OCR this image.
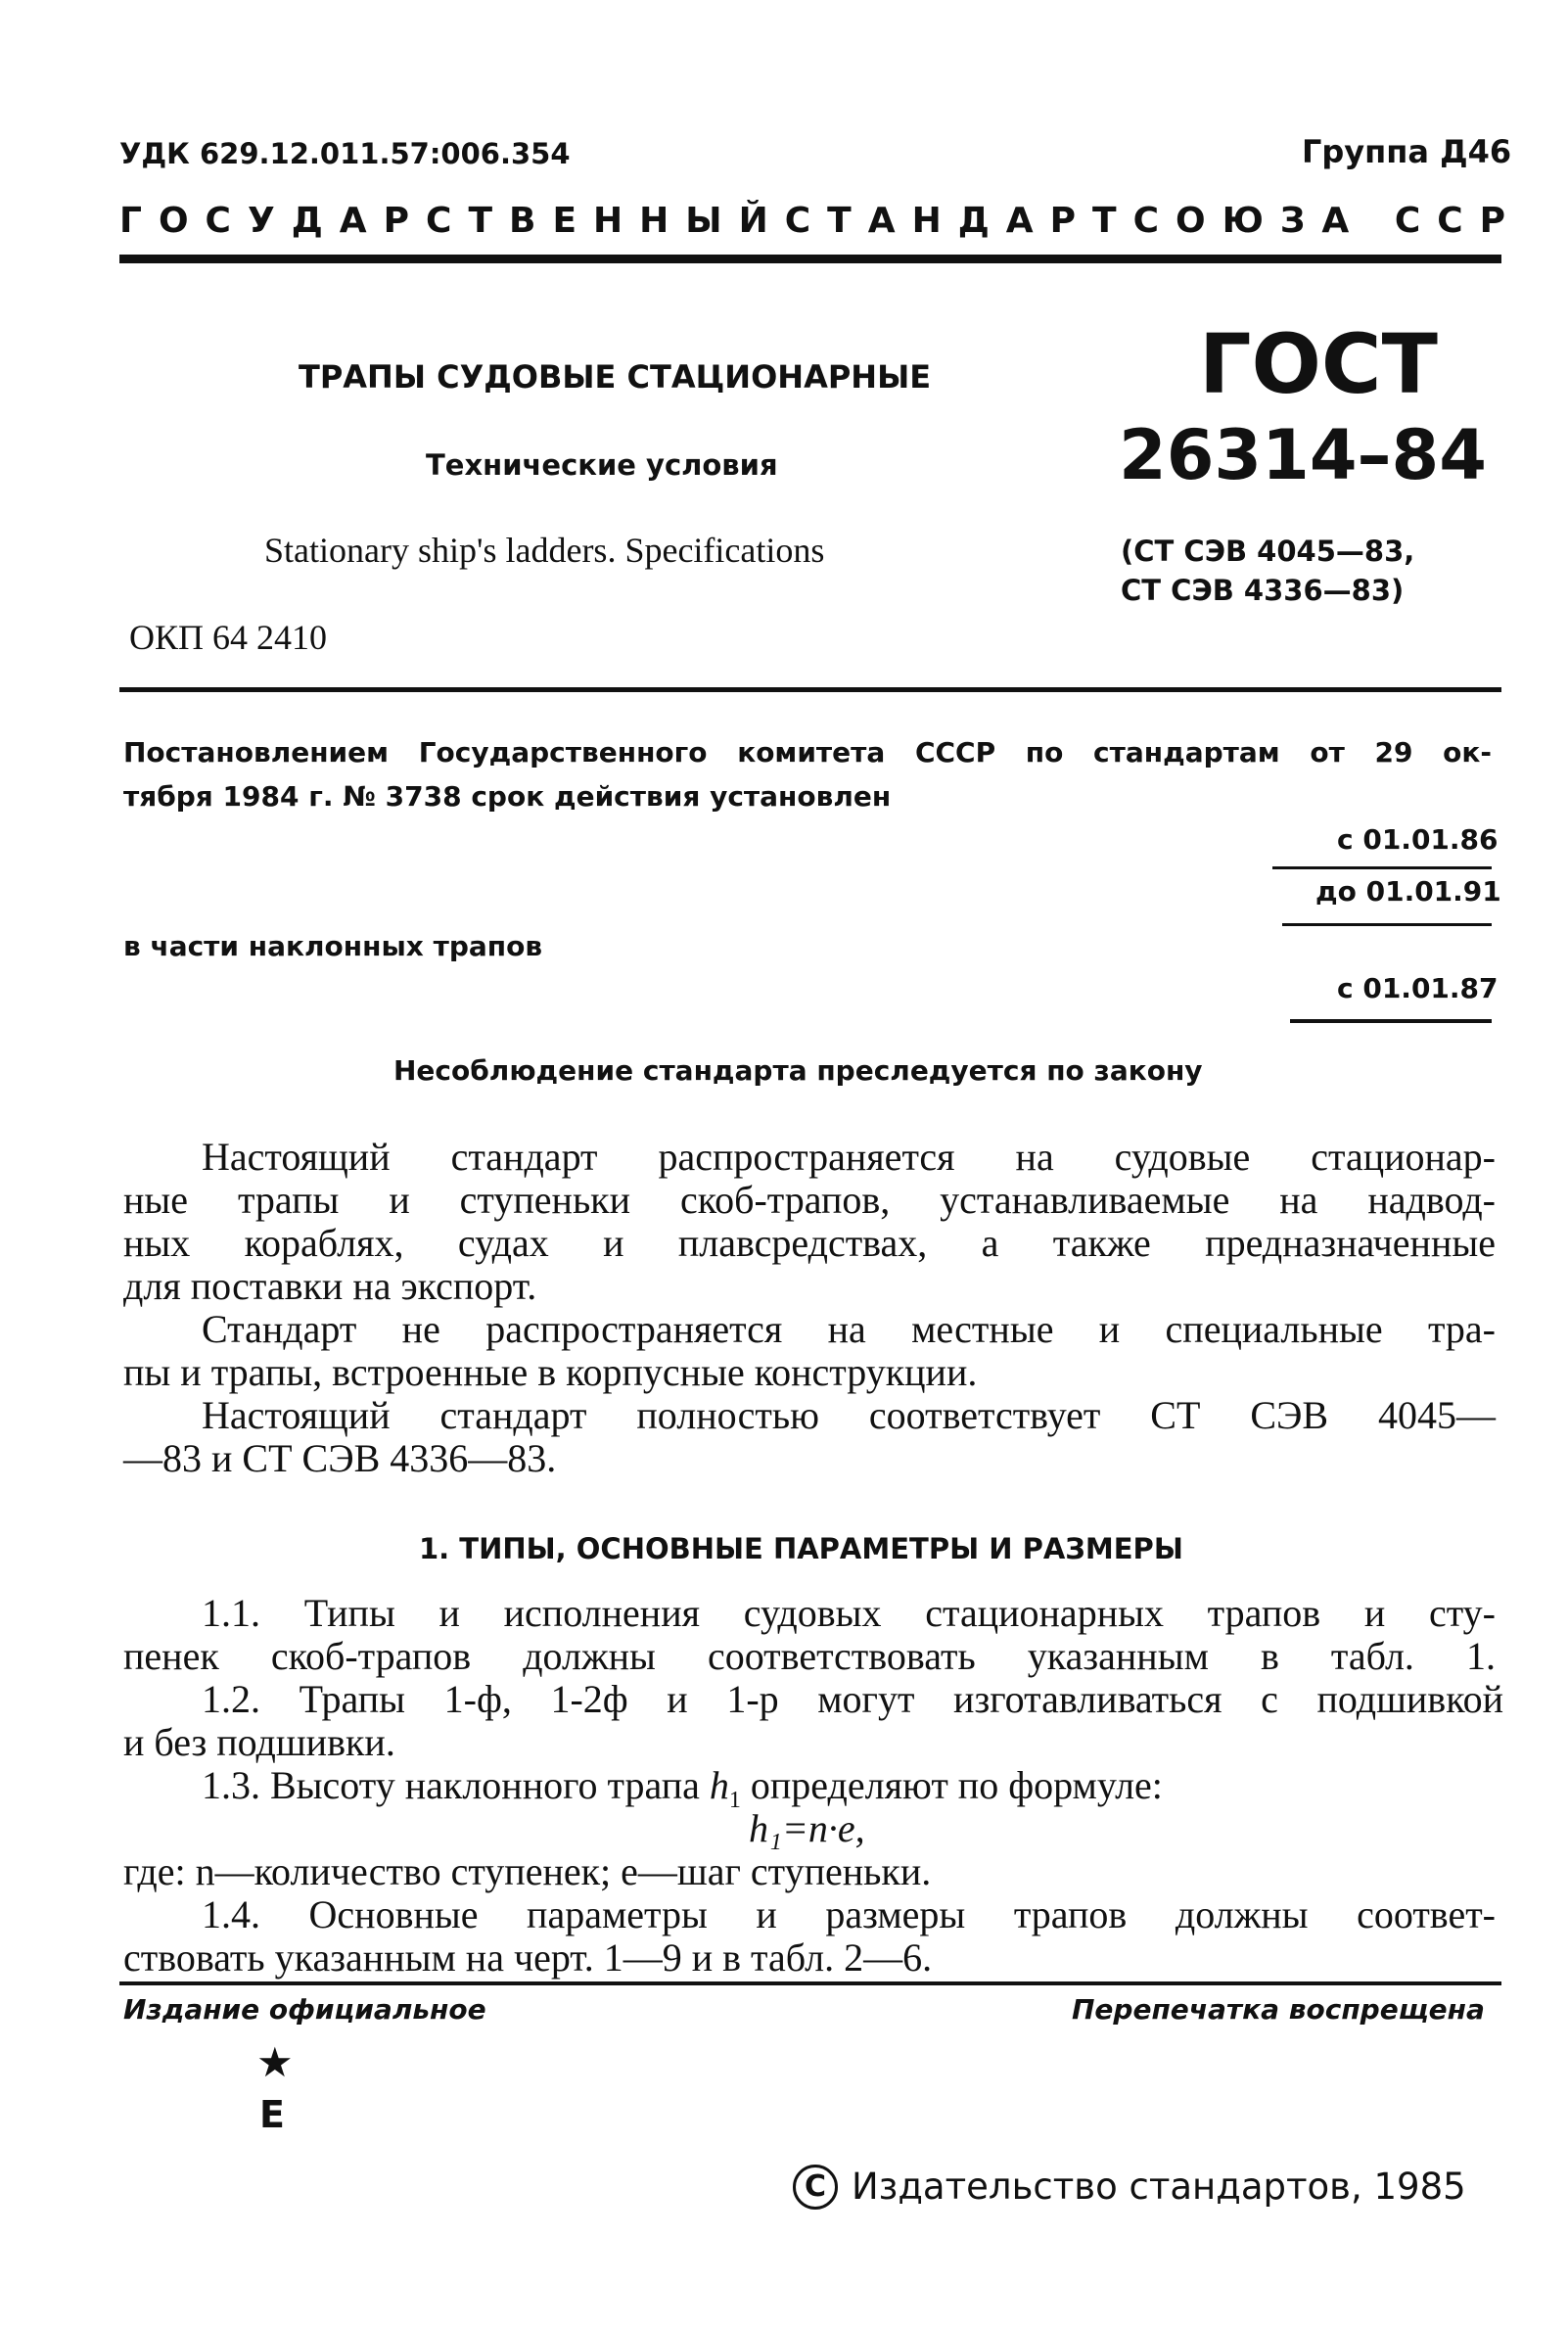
УДК 629.12.011.57:006.354	Группа Д46
ГОСУДАРСТВЕННЫЙ СТАНДАРТ СОЮЗА ССР
ТРАПЫ СУДОВЫЕ СТАЦИОНАРНЫЕ
Технические условия
Stationary ship's ladders. Specifications
ОКП 64 2410
ГОСТ
26314–84
(СТ СЭВ 4045—83,
СТ СЭВ 4336—83)
Постановлением Государственного комитета СССР по стандартам от 29 ок-
тября 1984 г. № 3738 срок действия установлен
с 01.01.86
до 01.01.91
в части наклонных трапов
с 01.01.87
Несоблюдение стандарта преследуется по закону
Настоящий стандарт распространяется на судовые стационар-
ные трапы и ступеньки скоб-трапов, устанавливаемые на надвод-
ных кораблях, судах и плавсредствах, а также предназначенные
для поставки на экспорт.
Стандарт не распространяется на местные и специальные тра-
пы и трапы, встроенные в корпусные конструкции.
Настоящий стандарт полностью соответствует СТ СЭВ 4045—
—83 и СТ СЭВ 4336—83.
1. ТИПЫ, ОСНОВНЫЕ ПАРАМЕТРЫ И РАЗМЕРЫ
1.1. Типы и исполнения судовых стационарных трапов и сту-
пенек скоб-трапов должны соответствовать указанным в табл. 1.
1.2. Трапы 1-ф, 1-2ф и 1-р могут изготавливаться с подшивкой
и без подшивки.
1.3. Высоту наклонного трапа $h_1$ определяют по формуле:
h₁=n·e,
где: n—количество ступенек; e—шаг ступеньки.
1.4. Основные параметры и размеры трапов должны соответ-
ствовать указанным на черт. 1—9 и в табл. 2—6.
Издание официальное	Перепечатка воспрещена
★
Е
C Издательство стандартов, 1985
